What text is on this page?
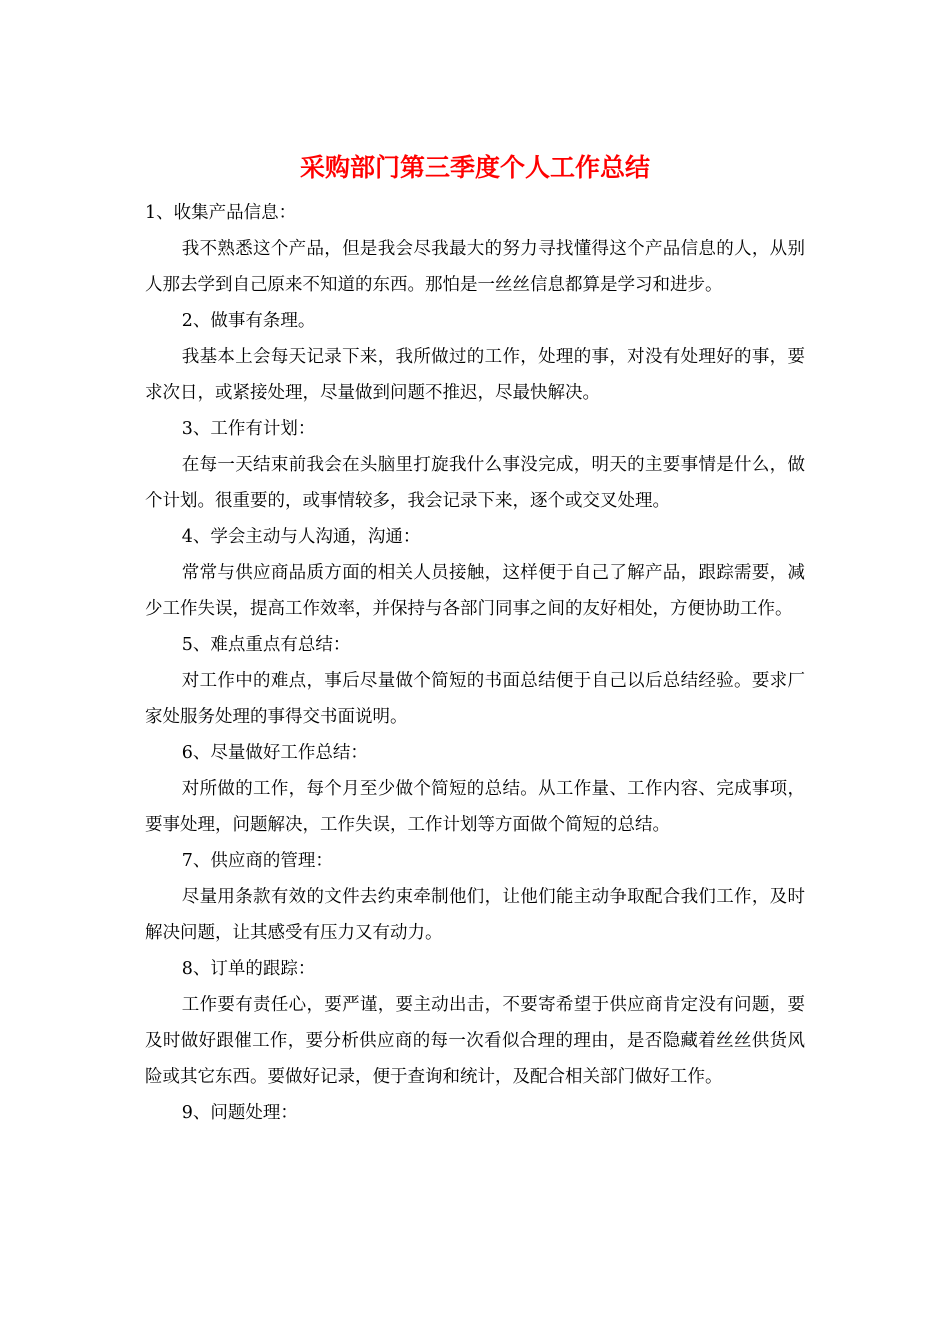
采购部门第三季度个人工作总结

1、收集产品信息：

我不熟悉这个产品，但是我会尽我最大的努力寻找懂得这个产品信息的人，从别人那去学到自己原来不知道的东西。那怕是一丝丝信息都算是学习和进步。

2、做事有条理。

我基本上会每天记录下来，我所做过的工作，处理的事，对没有处理好的事，要求次日，或紧接处理，尽量做到问题不推迟，尽最快解决。

3、工作有计划：

在每一天结束前我会在头脑里打旋我什么事没完成，明天的主要事情是什么，做个计划。很重要的，或事情较多，我会记录下来，逐个或交叉处理。

4、学会主动与人沟通，沟通：

常常与供应商品质方面的相关人员接触，这样便于自己了解产品，跟踪需要，减少工作失误，提高工作效率，并保持与各部门同事之间的友好相处，方便协助工作。

5、难点重点有总结：

对工作中的难点，事后尽量做个简短的书面总结便于自己以后总结经验。要求厂家处服务处理的事得交书面说明。

6、尽量做好工作总结：

对所做的工作，每个月至少做个简短的总结。从工作量、工作内容、完成事项，要事处理，问题解决，工作失误，工作计划等方面做个简短的总结。

7、供应商的管理：

尽量用条款有效的文件去约束牵制他们，让他们能主动争取配合我们工作，及时解决问题，让其感受有压力又有动力。

8、订单的跟踪：

工作要有责任心，要严谨，要主动出击，不要寄希望于供应商肯定没有问题，要及时做好跟催工作，要分析供应商的每一次看似合理的理由，是否隐藏着丝丝供货风险或其它东西。要做好记录，便于查询和统计，及配合相关部门做好工作。

9、问题处理：
